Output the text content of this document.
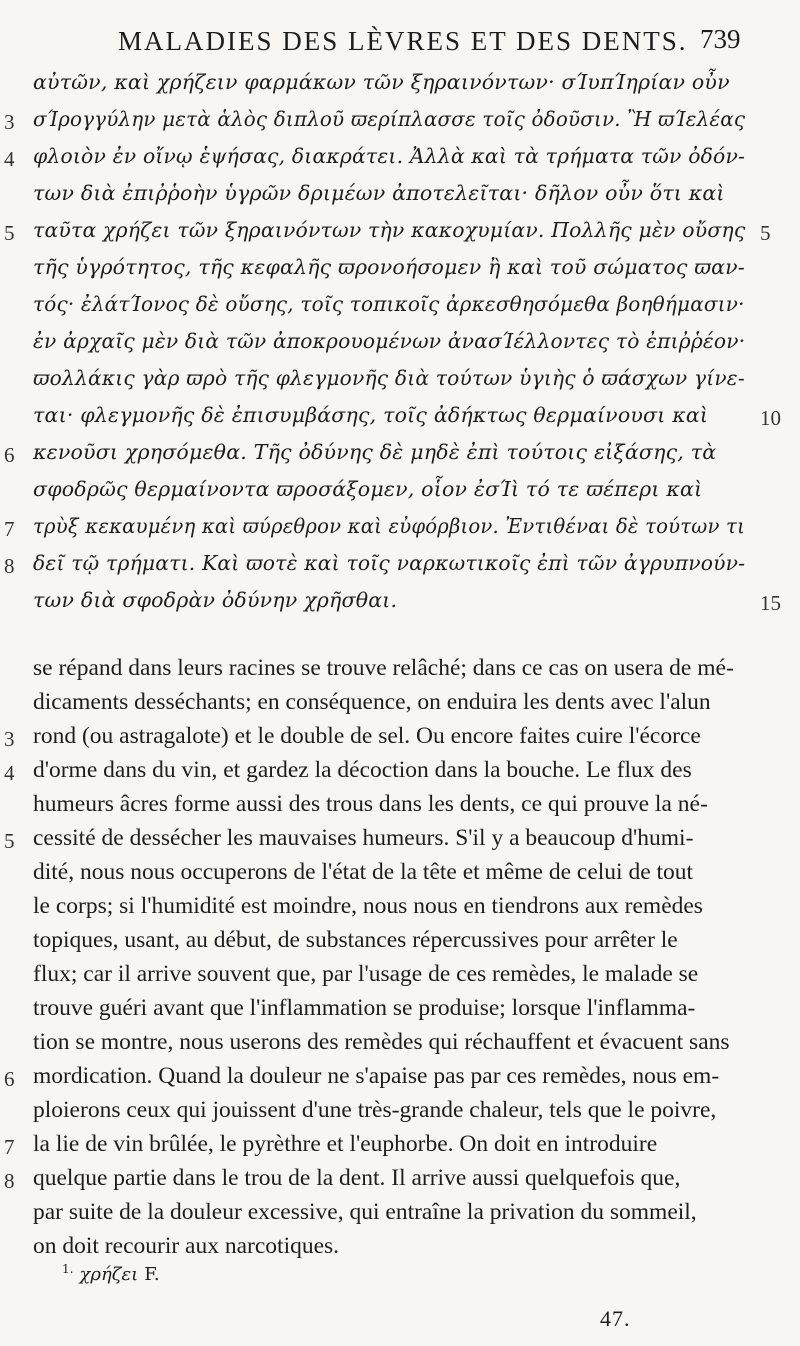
MALADIES DES LÈVRES ET DES DENTS. 739
αὐτῶν, καὶ χρήζειν φαρμάκων τῶν ξηραινόντων· σΊυπΊηρίαν οὖν
σΊρογγύλην μετὰ ἁλὸς διπλοῦ ϖερίπλασσε τοῖς ὀδοῦσιν. Ἢ ϖΊελέας
φλοιὸν ἐν οἴνῳ ἑψήσας, διακράτει. Ἀλλὰ καὶ τὰ τρήματα τῶν ὀδόν-
των διὰ ἐπιῤῥοὴν ὑγρῶν δριμέων ἀποτελεῖται· δῆλον οὖν ὅτι καὶ
ταῦτα χρήζει τῶν ξηραινόντων τὴν κακοχυμίαν. Πολλῆς μὲν οὔσης
τῆς ὑγρότητος, τῆς κεφαλῆς ϖρονοήσομεν ἢ καὶ τοῦ σώματος ϖαν-
τός· ἐλάτΊονος δὲ οὔσης, τοῖς τοπικοῖς ἀρκεσθησόμεθα βοηθήμασιν·
ἐν ἀρχαῖς μὲν διὰ τῶν ἀποκρουομένων ἀνασΊέλλοντες τὸ ἐπιῤῥέον·
ϖολλάκις γὰρ ϖρὸ τῆς φλεγμονῆς διὰ τούτων ὑγιὴς ὁ ϖάσχων γίνε-
ται· φλεγμονῆς δὲ ἐπισυμβάσης, τοῖς ἀδήκτως θερμαίνουσι καὶ
κενοῦσι χρησόμεθα. Τῆς ὀδύνης δὲ μηδὲ ἐπὶ τούτοις εἰξάσης, τὰ
σφοδρῶς θερμαίνοντα ϖροσάξομεν, οἷον ἐσΊὶ τό τε ϖέπερι καὶ
τρὺξ κεκαυμένη καὶ ϖύρεθρον καὶ εὐφόρβιον. Ἐντιθέναι δὲ τούτων τι
δεῖ τῷ τρήματι. Καὶ ϖοτὲ καὶ τοῖς ναρκωτικοῖς ἐπὶ τῶν ἀγρυπνούν-
των διὰ σφοδρὰν ὀδύνην χρῆσθαι.
3
4
5
6
7
8
5
10
15
se répand dans leurs racines se trouve relâché; dans ce cas on usera de mé-
dicaments desséchants; en conséquence, on enduira les dents avec l'alun
rond (ou astragalote) et le double de sel. Ou encore faites cuire l'écorce
d'orme dans du vin, et gardez la décoction dans la bouche. Le flux des
humeurs âcres forme aussi des trous dans les dents, ce qui prouve la né-
cessité de dessécher les mauvaises humeurs. S'il y a beaucoup d'humi-
dité, nous nous occuperons de l'état de la tête et même de celui de tout
le corps; si l'humidité est moindre, nous nous en tiendrons aux remèdes
topiques, usant, au début, de substances répercussives pour arrêter le
flux; car il arrive souvent que, par l'usage de ces remèdes, le malade se
trouve guéri avant que l'inflammation se produise; lorsque l'inflamma-
tion se montre, nous userons des remèdes qui réchauffent et évacuent sans
mordication. Quand la douleur ne s'apaise pas par ces remèdes, nous em-
ploierons ceux qui jouissent d'une très-grande chaleur, tels que le poivre,
la lie de vin brûlée, le pyrèthre et l'euphorbe. On doit en introduire
quelque partie dans le trou de la dent. Il arrive aussi quelquefois que,
par suite de la douleur excessive, qui entraîne la privation du sommeil,
on doit recourir aux narcotiques.
3
4
5
6
7
8
$^{1.}$ χρήζει F.
47.
